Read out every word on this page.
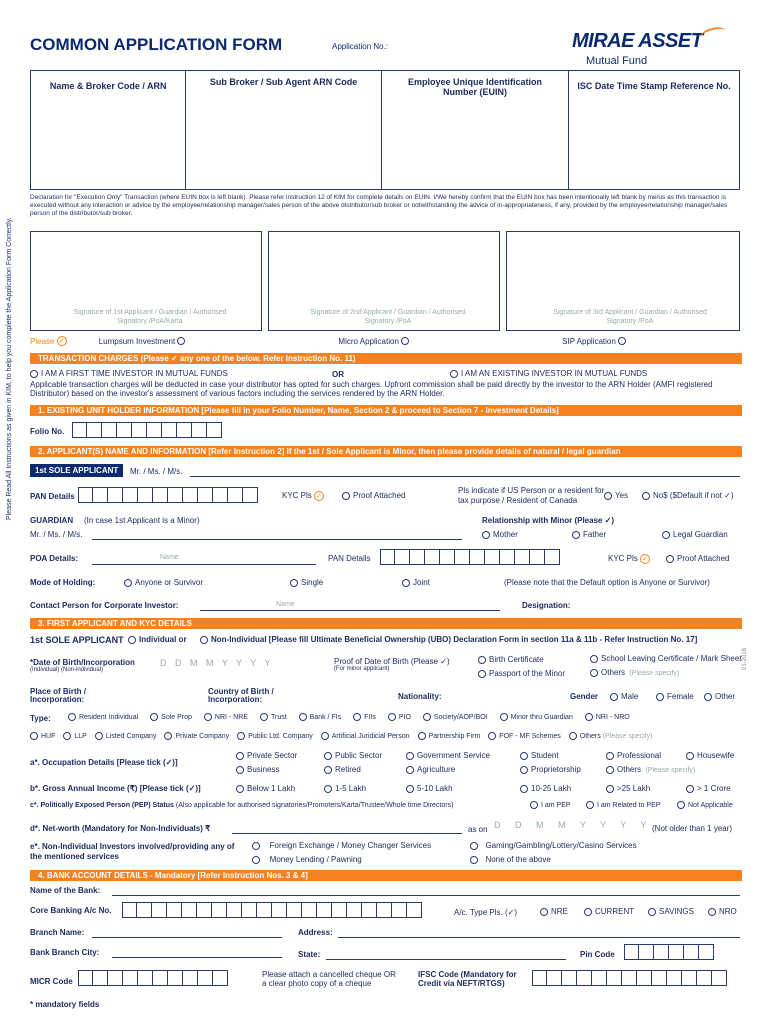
COMMON APPLICATION FORM	Application No.:	MIRAE ASSET
Mutual Fund
Please Read All Instructions as given in KIM, to help you complete the Application Form Correctly.
01-2016
Name & Broker Code / ARN	Sub Broker / Sub Agent ARN Code	Employee Unique Identification Number (EUIN)
ISC Date Time Stamp Reference No.
Declaration for "Execution Only" Transaction (where EUIN box is left blank). Please refer instruction 12 of KIM for complete details on EUIN. I/We hereby confirm that the EUIN box has been intentionally left blank by me/us as this transaction is executed without any interaction or advice by the employee/relationship manager/sales person of the above distributor/sub broker or notwithstanding the advice of in-appropriateness, if any, provided by the employee/relationship manager/sales person of the distributor/sub broker.
Signature of 1st Applicant / Guardian / Authorised Signatory /PoA/Karta
Signature of 2nd Applicant / Guardian / Authorised Signatory /PoA
Signature of 3rd Applicant / Guardian / Authorised Signatory /PoA
Please
✓	Lumpsum Investment	Micro Application	SIP Application
TRANSACTION CHARGES (Please ✓ any one of the below. Refer Instruction No. 11)
I AM A FIRST TIME INVESTOR IN MUTUAL FUNDS	OR	I AM AN EXISTING INVESTOR IN MUTUAL FUNDS
Applicable transaction charges will be deducted in case your distributor has opted for such charges. Upfront commission shall be paid directly by the investor to the ARN Holder (AMFI registered Distributor) based on the investor's assessment of various factors including the services rendered by the ARN Holder.
1. EXISTING UNIT HOLDER INFORMATION [Please fill in your Folio Number, Name, Section 2 & proceed to Section 7 - Investment Details]
Folio No.
2. APPLICANT(S) NAME AND INFORMATION [Refer Instruction 2] If the 1st / Sole Applicant is Minor, then please provide details of natural / legal guardian
1st SOLE APPLICANT	Mr. / Ms. / M/s.
PAN Details	KYC Pls ✓	Proof Attached
Pls indicate if US Person or a resident for tax purpose / Resident of Canada
Yes	No$ ($Default if not ✓)
GUARDIAN (In case 1st Applicant is a Minor)
Mr. / Ms. / M/s.
Relationship with Minor (Please ✓)
Mother	Father	Legal Guardian
POA Details:	Name	PAN Details	KYC Pls ✓	Proof Attached
Mode of Holding:	Anyone or Survivor	Single	Joint	(Please note that the Default option is Anyone or Survivor)
Contact Person for Corporate Investor:	Name	Designation:
3. FIRST APPLICANT AND KYC DETAILS
1st SOLE APPLICANT	Individual or	Non-Individual [Please fill Ultimate Beneficial Ownership (UBO) Declaration Form in section 11a & 11b - Refer Instruction No. 17]
*Date of Birth/Incorporation
(Individual) (Non-individual)
D D M M Y Y Y Y	Proof of Date of Birth (Please ✓)
(For minor applicant)
Birth Certificate
Passport of the Minor
School Leaving Certificate / Mark Sheet
Others (Please specify)
Place of Birth / Incorporation:
Country of Birth / Incorporation:	Nationality:	Gender	Male	Female	Other
Type:	Resident Individual	Sole Prop	NRI - NRE	Trust	Bank / FIs	FIIs	PIO	Society/AOP/BOI	Minor thru Guardian	NRI - NRO
HUF	LLP	Listed Company	Private Company	Public Ltd. Company	Artificial Juridicial Person	Partnership Firm	FOF - MF Schemes	Others (Please specify)
a*. Occupation Details [Please tick (✓)]
Private Sector	Public Sector	Government Service	Student	Professional	Housewife
Business	Retired	Agriculture	Proprietorship	Others (Please specify)
b*. Gross Annual Income (₹) [Please tick (✓)]	Below 1 Lakh	1-5 Lakh	5-10 Lakh	10-25 Lakh	>25 Lakh	> 1 Crore
c*. Politically Exposed Person (PEP) Status (Also applicable for authorised signatories/Promoters/Karta/Trustee/Whole time Directors)	I am PEP	I am Related to PEP	Not Applicable
d*. Net-worth (Mandatory for Non-Individuals) ₹	as on D D M M Y Y Y Y (Not older than 1 year)
e*. Non-Individual Investors involved/providing any of the mentioned services
Foreign Exchange / Money Changer Services	Gaming/Gambling/Lottery/Casino Services
Money Lending / Pawning	None of the above
4. BANK ACCOUNT DETAILS - Mandatory [Refer Instruction Nos. 3 & 4]
Name of the Bank:
Core Banking A/c No.	A/c. Type Pls. (✓)	NRE	CURRENT	SAVINGS	NRO
Branch Name:	Address:
Bank Branch City:	State:	Pin Code
MICR Code
Please attach a cancelled cheque OR a clear photo copy of a cheque
IFSC Code (Mandatory for Credit via NEFT/RTGS)
* mandatory fields
